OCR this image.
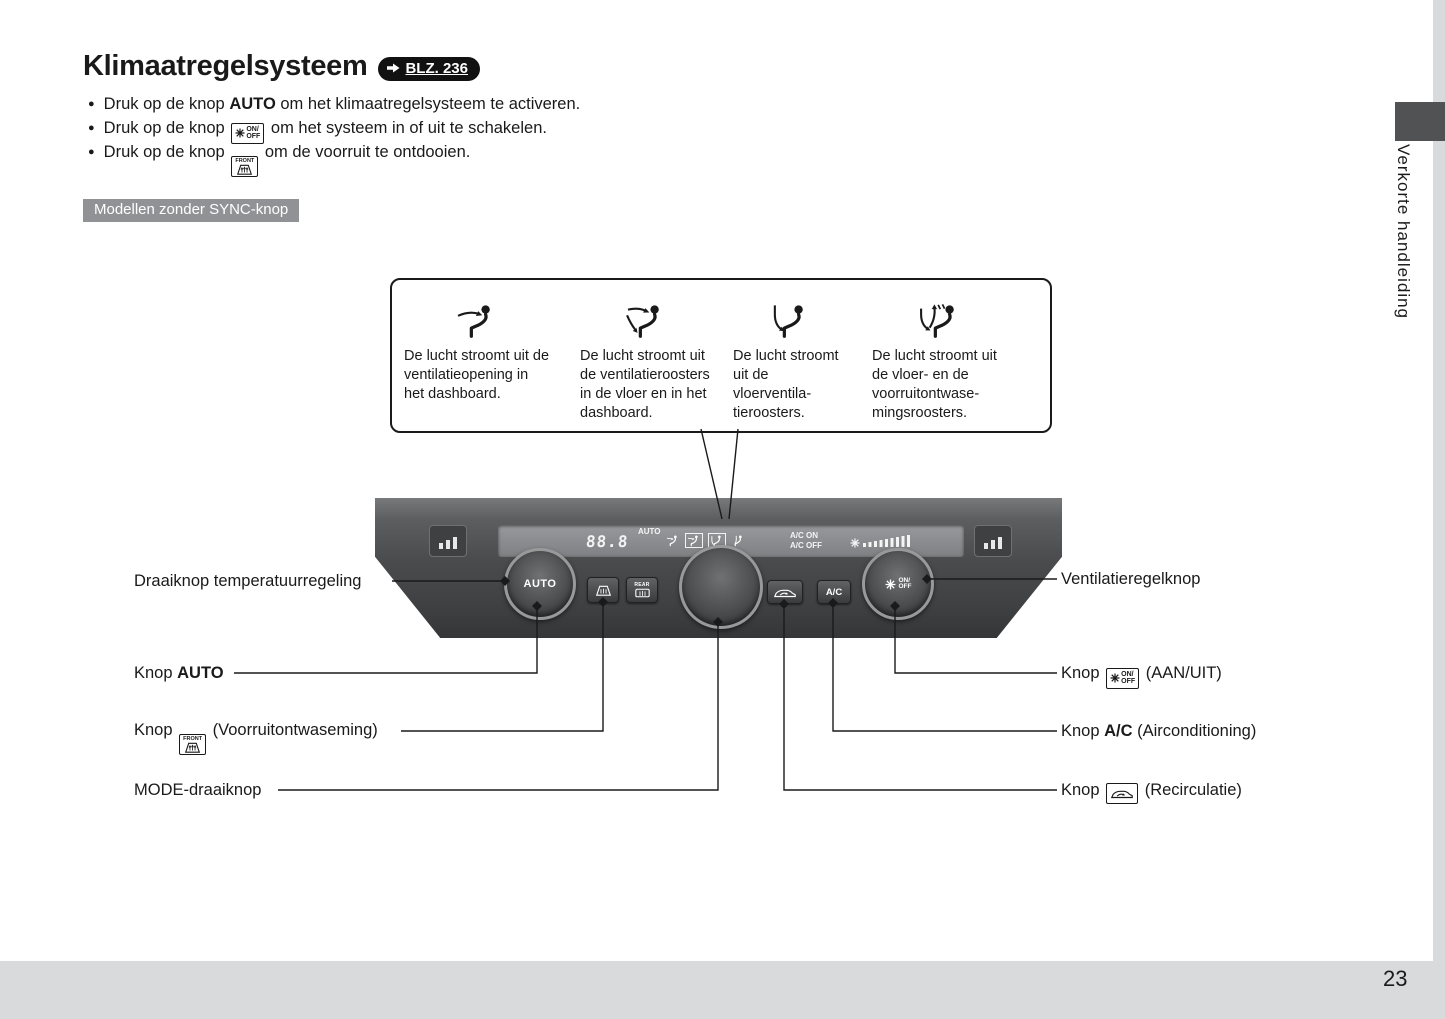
Verkorte handleiding
23
Klimaatregelsysteem	BLZ. 236
● Druk op de knop AUTO om het klimaatregelsysteem te activeren.
● Druk op de knop ON/
OFF om het systeem in of uit te schakelen.
● Druk op de knop FRONT om de voorruit te ontdooien.
Modellen zonder SYNC-knop
De lucht stroomt uit de ventilatieopening in het dashboard.
De lucht stroomt uit de ventilatieroosters in de vloer en in het dashboard.
De lucht stroomt uit de vloerventila-tieroosters.
De lucht stroomt uit de vloer- en de voorruitontwase-mingsroosters.
88.8
AUTO	A/C ON
A/C OFF
AUTO	REAR
A/C
ON/
OFF
Draaiknop temperatuurregeling
Knop AUTO
Knop FRONT (Voorruitontwaseming)
MODE-draaiknop
Ventilatieregelknop
Knop ON/
OFF (AAN/UIT)
Knop A/C (Airconditioning)
Knop
(Recirculatie)
